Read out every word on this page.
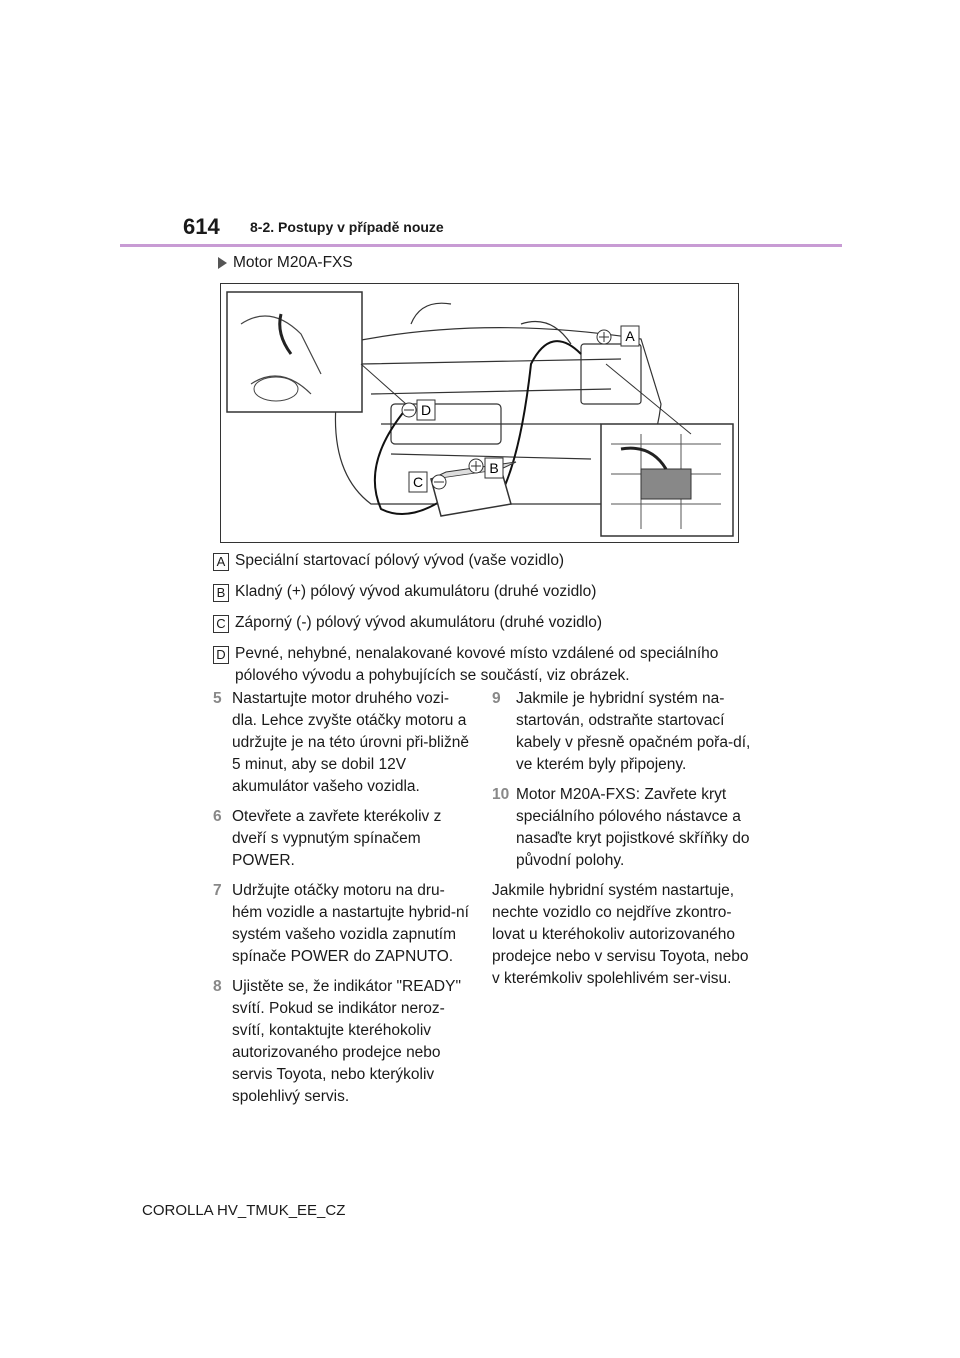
614 8-2. Postupy v případě nouze
Motor M20A-FXS
A
D
B
C
A Speciální startovací pólový vývod (vaše vozidlo)
B Kladný (+) pólový vývod akumulátoru (druhé vozidlo)
C Záporný (-) pólový vývod akumulátoru (druhé vozidlo)
D Pevné, nehybné, nenalakované kovové místo vzdálené od speciálního pólového vývodu a pohybujících se součástí, viz obrázek.
5 Nastartujte motor druhého vozi-dla. Lehce zvyšte otáčky motoru a udržujte je na této úrovni při-bližně 5 minut, aby se dobil 12V akumulátor vašeho vozidla.
6 Otevřete a zavřete kterékoliv z dveří s vypnutým spínačem POWER.
7 Udržujte otáčky motoru na dru-hém vozidle a nastartujte hybrid-ní systém vašeho vozidla zapnutím spínače POWER do ZAPNUTO.
8 Ujistěte se, že indikátor "READY" svítí. Pokud se indikátor neroz-svítí, kontaktujte kteréhokoliv autorizovaného prodejce nebo servis Toyota, nebo kterýkoliv spolehlivý servis.
9 Jakmile je hybridní systém na-startován, odstraňte startovací kabely v přesně opačném pořa-dí, ve kterém byly připojeny.
10 Motor M20A-FXS: Zavřete kryt speciálního pólového nástavce a nasaďte kryt pojistkové skříňky do původní polohy.
Jakmile hybridní systém nastartuje, nechte vozidlo co nejdříve zkontro-lovat u kteréhokoliv autorizovaného prodejce nebo v servisu Toyota, nebo v kterémkoliv spolehlivém ser-visu.
COROLLA HV_TMUK_EE_CZ
